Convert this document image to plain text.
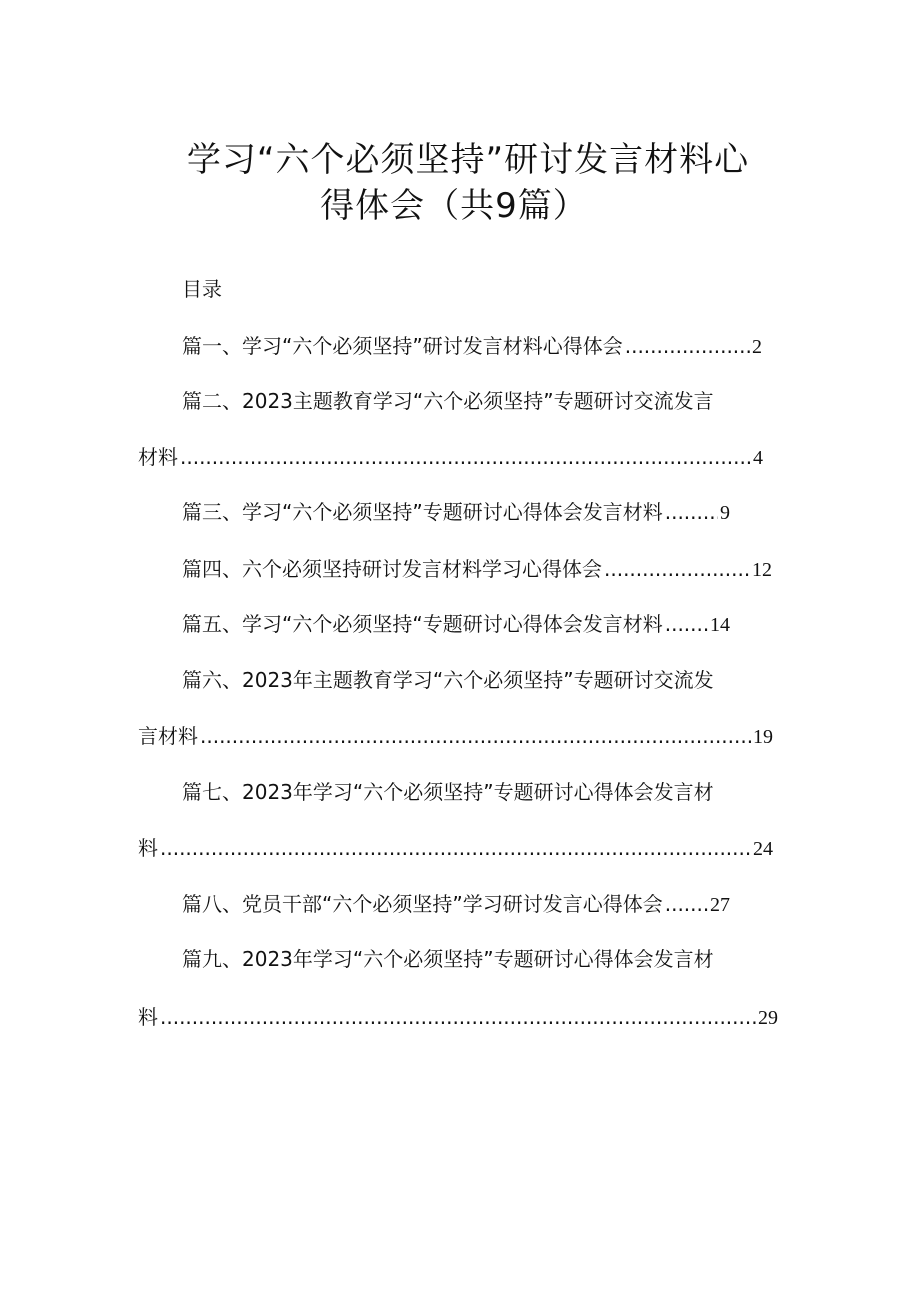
学习“六个必须坚持”研讨发言材料心
得体会（共9篇）
目录
篇一、学习“六个必须坚持”研讨发言材料心得体会 .....	2
篇二、2023主题教育学习“六个必须坚持”专题研讨交流发言
材料 .....	4
篇三、学习“六个必须坚持”专题研讨心得体会发言材料 .....	9
篇四、六个必须坚持研讨发言材料学习心得体会 .....	12
篇五、学习“六个必须坚持“专题研讨心得体会发言材料 ..... 14
篇六、2023年主题教育学习“六个必须坚持”专题研讨交流发
言材料 .....	19
篇七、2023年学习“六个必须坚持”专题研讨心得体会发言材
料 .....	24
篇八、党员干部“六个必须坚持”学习研讨发言心得体会 ..... 27
篇九、2023年学习“六个必须坚持”专题研讨心得体会发言材
料 .....	29
